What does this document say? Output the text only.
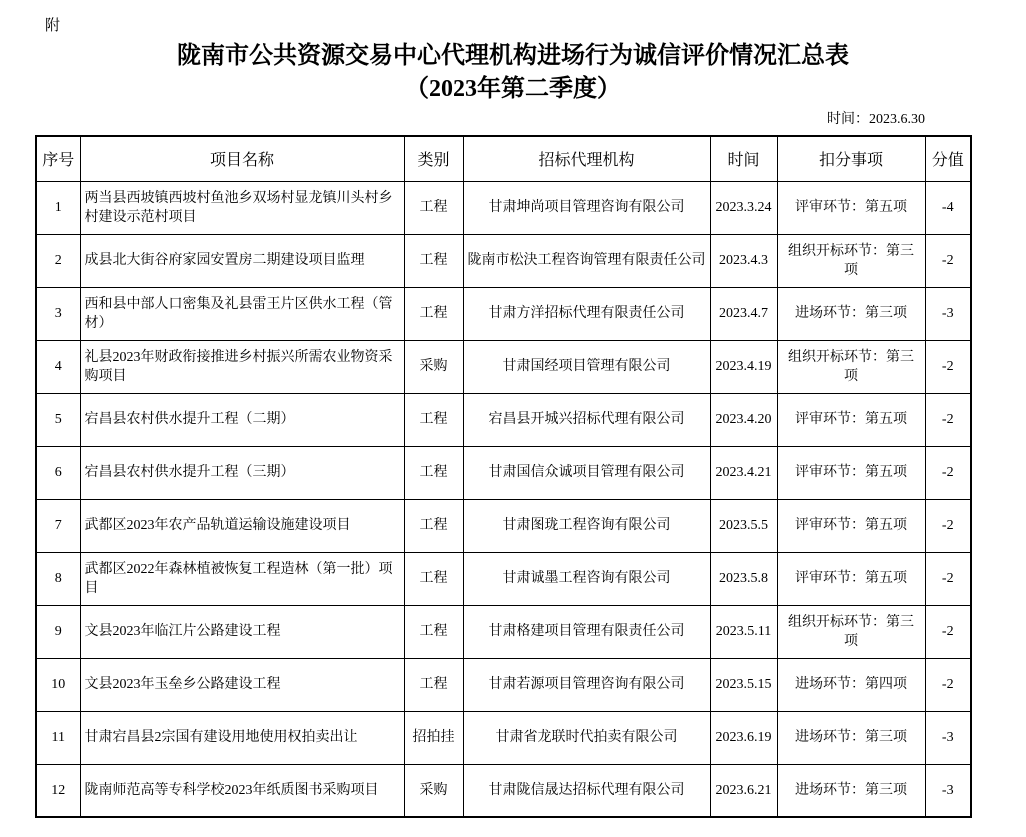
附
陇南市公共资源交易中心代理机构进场行为诚信评价情况汇总表
（2023年第二季度）
时间：2023.6.30
序号	项目名称	类别	招标代理机构	时间	扣分事项	分值
1	两当县西坡镇西坡村鱼池乡双场村显龙镇川头村乡村建设示范村项目	工程	甘肃坤尚项目管理咨询有限公司	2023.3.24	评审环节：第五项	-4
2	成县北大街谷府家园安置房二期建设项目监理	工程	陇南市松決工程咨询管理有限责任公司	2023.4.3	组织开标环节：第三项	-2
3	西和县中部人口密集及礼县雷王片区供水工程（管材）	工程	甘肃方洋招标代理有限责任公司	2023.4.7	进场环节：第三项	-3
4	礼县2023年财政衔接推进乡村振兴所需农业物资采购项目	采购	甘肃国经项目管理有限公司	2023.4.19	组织开标环节：第三项	-2
5	宕昌县农村供水提升工程（二期）	工程	宕昌县开城兴招标代理有限公司	2023.4.20	评审环节：第五项	-2
6	宕昌县农村供水提升工程（三期）	工程	甘肃国信众诚项目管理有限公司	2023.4.21	评审环节：第五项	-2
7	武都区2023年农产品轨道运输设施建设项目	工程	甘肃图珑工程咨询有限公司	2023.5.5	评审环节：第五项	-2
8	武都区2022年森林植被恢复工程造林（第一批）项目	工程	甘肃诚墨工程咨询有限公司	2023.5.8	评审环节：第五项	-2
9	文县2023年临江片公路建设工程	工程	甘肃格建项目管理有限责任公司	2023.5.11	组织开标环节：第三项	-2
10	文县2023年玉垒乡公路建设工程	工程	甘肃若源项目管理咨询有限公司	2023.5.15	进场环节：第四项	-2
11	甘肃宕昌县2宗国有建设用地使用权拍卖出让	招拍挂	甘肃省龙联时代拍卖有限公司	2023.6.19	进场环节：第三项	-3
12	陇南师范高等专科学校2023年纸质图书采购项目	采购	甘肃陇信晟达招标代理有限公司	2023.6.21	进场环节：第三项	-3
